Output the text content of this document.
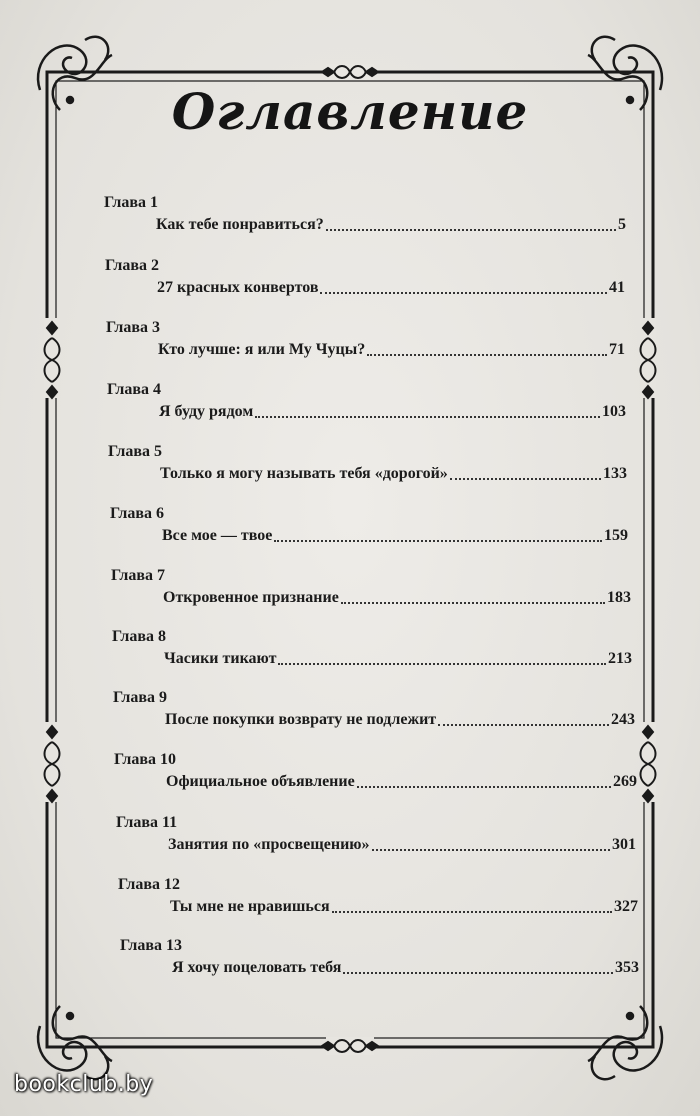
Оглавление
Глава 1
Как тебе понравиться?	5
Глава 2
27 красных конвертов	41
Глава 3
Кто лучше: я или Му Чуцы?	71
Глава 4
Я буду рядом	103
Глава 5
Только я могу называть тебя «дорогой»	133
Глава 6
Все мое — твое	159
Глава 7
Откровенное признание	183
Глава 8
Часики тикают	213
Глава 9
После покупки возврату не подлежит	243
Глава 10
Официальное объявление	269
Глава 11
Занятия по «просвещению»	301
Глава 12
Ты мне не нравишься	327
Глава 13
Я хочу поцеловать тебя	353
bookclub.by
